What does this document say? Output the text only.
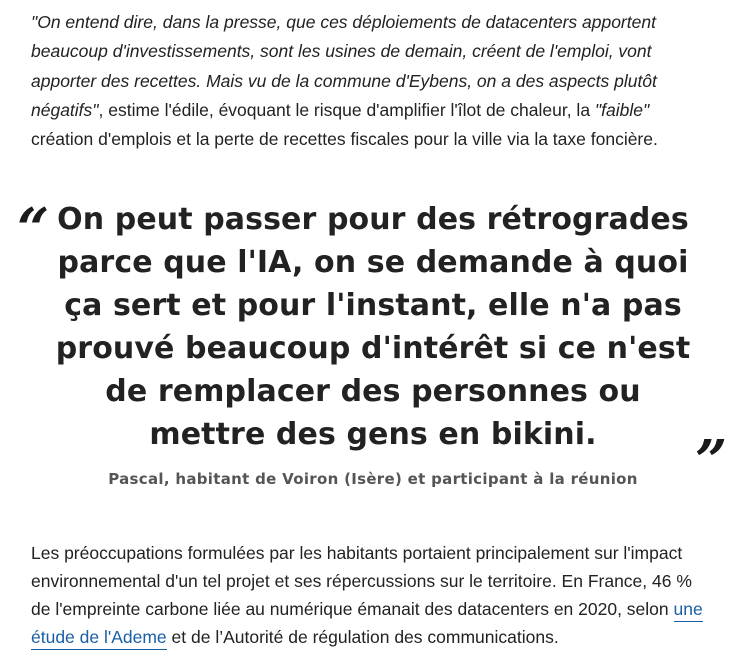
"On entend dire, dans la presse, que ces déploiements de datacenters apportent beaucoup d'investissements, sont les usines de demain, créent de l'emploi, vont apporter des recettes. Mais vu de la commune d'Eybens, on a des aspects plutôt négatifs", estime l'édile, évoquant le risque d'amplifier l'îlot de chaleur, la "faible" création d'emplois et la perte de recettes fiscales pour la ville via la taxe foncière.

“ On peut passer pour des rétrogrades parce que l'IA, on se demande à quoi ça sert et pour l'instant, elle n'a pas prouvé beaucoup d'intérêt si ce n'est de remplacer des personnes ou mettre des gens en bikini.	”

Pascal, habitant de Voiron (Isère) et participant à la réunion

Les préoccupations formulées par les habitants portaient principalement sur l'impact environnemental d'un tel projet et ses répercussions sur le territoire. En France, 46 % de l'empreinte carbone liée au numérique émanait des datacenters en 2020, selon une étude de l'Ademe et de l’Autorité de régulation des communications.
